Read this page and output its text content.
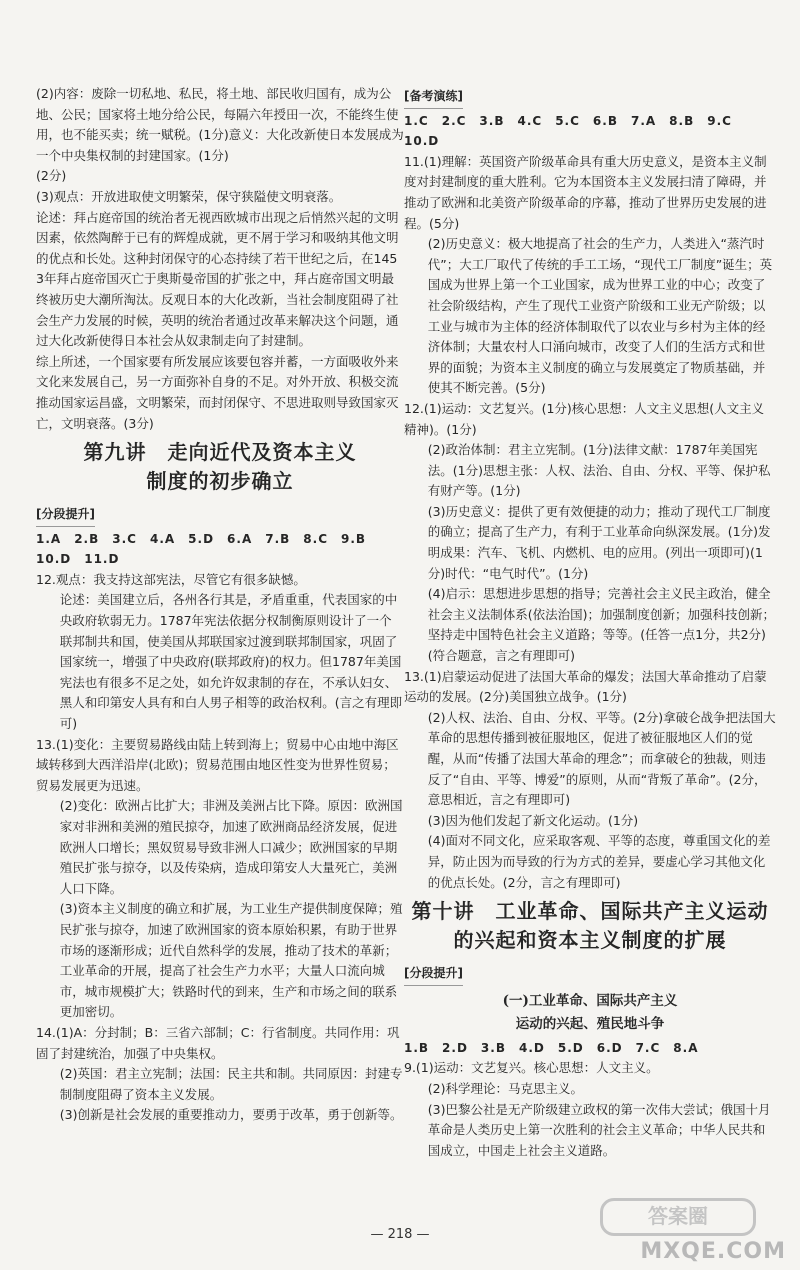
(2)内容：废除一切私地、私民，将土地、部民收归国有，成为公地、公民；国家将土地分给公民，每隔六年授田一次，不能终生使用，也不能买卖；统一赋税。(1分)意义：大化改新使日本发展成为一个中央集权制的封建国家。(1分)

(2分)

(3)观点：开放进取使文明繁荣，保守狭隘使文明衰落。

论述：拜占庭帝国的统治者无视西欧城市出现之后悄然兴起的文明因素，依然陶醉于已有的辉煌成就，更不屑于学习和吸纳其他文明的优点和长处。这种封闭保守的心态持续了若干世纪之后，在1453年拜占庭帝国灭亡于奥斯曼帝国的扩张之中，拜占庭帝国文明最终被历史大潮所淘汰。反观日本的大化改新，当社会制度阻碍了社会生产力发展的时候，英明的统治者通过改革来解决这个问题，通过大化改新使得日本社会从奴隶制走向了封建制。

综上所述，一个国家要有所发展应该要包容并蓄，一方面吸收外来文化来发展自己，另一方面弥补自身的不足。对外开放、积极交流推动国家运昌盛，文明繁荣，而封闭保守、不思进取则导致国家灭亡，文明衰落。(3分)

第九讲　走向近代及资本主义
制度的初步确立
[分段提升]

1.A　2.B　3.C　4.A　5.D　6.A　7.B　8.C　9.B

10.D　11.D

12.观点：我支持这部宪法，尽管它有很多缺憾。

论述：美国建立后，各州各行其是，矛盾重重，代表国家的中央政府软弱无力。1787年宪法依据分权制衡原则设计了一个联邦制共和国，使美国从邦联国家过渡到联邦制国家，巩固了国家统一，增强了中央政府(联邦政府)的权力。但1787年美国宪法也有很多不足之处，如允许奴隶制的存在，不承认妇女、黑人和印第安人具有和白人男子相等的政治权利。(言之有理即可)

13.(1)变化：主要贸易路线由陆上转到海上；贸易中心由地中海区域转移到大西洋沿岸(北欧)；贸易范围由地区性变为世界性贸易；贸易发展更为迅速。

(2)变化：欧洲占比扩大；非洲及美洲占比下降。原因：欧洲国家对非洲和美洲的殖民掠夺，加速了欧洲商品经济发展，促进欧洲人口增长；黑奴贸易导致非洲人口减少；欧洲国家的早期殖民扩张与掠夺，以及传染病，造成印第安人大量死亡，美洲人口下降。

(3)资本主义制度的确立和扩展，为工业生产提供制度保障；殖民扩张与掠夺，加速了欧洲国家的资本原始积累，有助于世界市场的逐渐形成；近代自然科学的发展，推动了技术的革新；工业革命的开展，提高了社会生产力水平；大量人口流向城市，城市规模扩大；铁路时代的到来，生产和市场之间的联系更加密切。

14.(1)A：分封制；B：三省六部制；C：行省制度。共同作用：巩固了封建统治，加强了中央集权。

(2)英国：君主立宪制；法国：民主共和制。共同原因：封建专制制度阻碍了资本主义发展。

(3)创新是社会发展的重要推动力，要勇于改革，勇于创新等。

[备考演练]

1.C　2.C　3.B　4.C　5.C　6.B　7.A　8.B　9.C

10.D

11.(1)理解：英国资产阶级革命具有重大历史意义，是资本主义制度对封建制度的重大胜利。它为本国资本主义发展扫清了障碍，并推动了欧洲和北美资产阶级革命的序幕，推动了世界历史发展的进程。(5分)

(2)历史意义：极大地提高了社会的生产力，人类进入“蒸汽时代”；大工厂取代了传统的手工工场，“现代工厂制度”诞生；英国成为世界上第一个工业国家，成为世界工业的中心；改变了社会阶级结构，产生了现代工业资产阶级和工业无产阶级；以工业与城市为主体的经济体制取代了以农业与乡村为主体的经济体制；大量农村人口涌向城市，改变了人们的生活方式和世界的面貌；为资本主义制度的确立与发展奠定了物质基础，并使其不断完善。(5分)

12.(1)运动：文艺复兴。(1分)核心思想：人文主义思想(人文主义精神)。(1分)

(2)政治体制：君主立宪制。(1分)法律文献：1787年美国宪法。(1分)思想主张：人权、法治、自由、分权、平等、保护私有财产等。(1分)

(3)历史意义：提供了更有效便捷的动力；推动了现代工厂制度的确立；提高了生产力，有利于工业革命向纵深发展。(1分)发明成果：汽车、飞机、内燃机、电的应用。(列出一项即可)(1分)时代：“电气时代”。(1分)

(4)启示：思想进步思想的指导；完善社会主义民主政治，健全社会主义法制体系(依法治国)；加强制度创新；加强科技创新；坚持走中国特色社会主义道路；等等。(任答一点1分，共2分)(符合题意，言之有理即可)

13.(1)启蒙运动促进了法国大革命的爆发；法国大革命推动了启蒙运动的发展。(2分)美国独立战争。(1分)

(2)人权、法治、自由、分权、平等。(2分)拿破仑战争把法国大革命的思想传播到被征服地区，促进了被征服地区人们的觉醒，从而“传播了法国大革命的理念”；而拿破仑的独裁，则违反了“自由、平等、博爱”的原则，从而“背叛了革命”。(2分，意思相近，言之有理即可)

(3)因为他们发起了新文化运动。(1分)

(4)面对不同文化，应采取客观、平等的态度，尊重国文化的差异，防止因为而导致的行为方式的差异，要虚心学习其他文化的优点长处。(2分，言之有理即可)

第十讲　工业革命、国际共产主义运动
的兴起和资本主义制度的扩展
[分段提升]
(一)工业革命、国际共产主义
运动的兴起、殖民地斗争

1.B　2.D　3.B　4.D　5.D　6.D　7.C　8.A

9.(1)运动：文艺复兴。核心思想：人文主义。

(2)科学理论：马克思主义。

(3)巴黎公社是无产阶级建立政权的第一次伟大尝试；俄国十月革命是人类历史上第一次胜利的社会主义革命；中华人民共和国成立，中国走上社会主义道路。

— 218 —
答案圈
MXQE.COM
